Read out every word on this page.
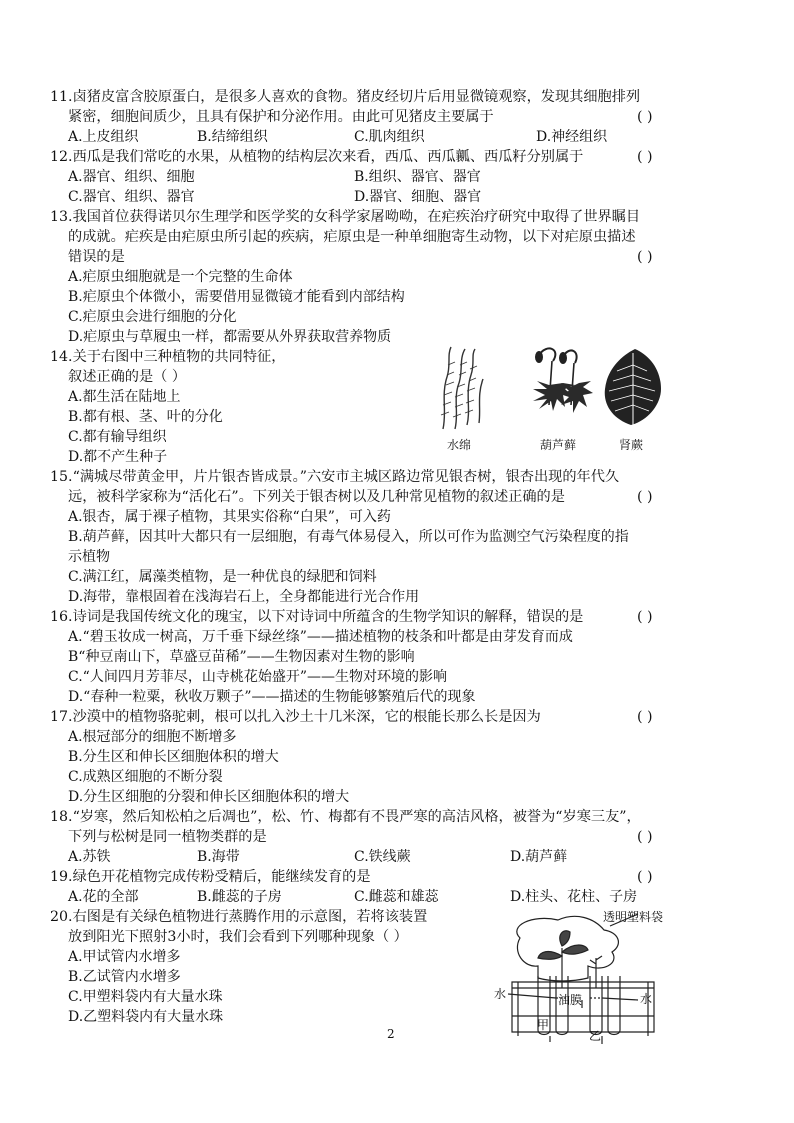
11.卤猪皮富含胶原蛋白，是很多人喜欢的食物。猪皮经切片后用显微镜观察，发现其细胞排列
紧密，细胞间质少，且具有保护和分泌作用。由此可见猪皮主要属于	( )
A.上皮组织	B.结缔组织	C.肌肉组织	D.神经组织
12.西瓜是我们常吃的水果，从植物的结构层次来看，西瓜、西瓜瓤、西瓜籽分别属于	( )
A.器官、组织、细胞	B.组织、器官、器官
C.器官、组织、器官	D.器官、细胞、器官
13.我国首位获得诺贝尔生理学和医学奖的女科学家屠呦呦，在疟疾治疗研究中取得了世界瞩目
的成就。疟疾是由疟原虫所引起的疾病，疟原虫是一种单细胞寄生动物，以下对疟原虫描述
错误的是	( )
A.疟原虫细胞就是一个完整的生命体
B.疟原虫个体微小，需要借用显微镜才能看到内部结构
C.疟原虫会进行细胞的分化
D.疟原虫与草履虫一样，都需要从外界获取营养物质
14.关于右图中三种植物的共同特征，
叙述正确的是（ ）
A.都生活在陆地上
B.都有根、茎、叶的分化
C.都有输导组织
D.都不产生种子
水绵	葫芦藓	肾蕨
15.“满城尽带黄金甲，片片银杏皆成景。”六安市主城区路边常见银杏树，银杏出现的年代久
远，被科学家称为“活化石”。下列关于银杏树以及几种常见植物的叙述正确的是	( )
A.银杏，属于裸子植物，其果实俗称“白果”，可入药
B.葫芦藓，因其叶大都只有一层细胞，有毒气体易侵入，所以可作为监测空气污染程度的指
示植物
C.满江红，属藻类植物，是一种优良的绿肥和饲料
D.海带，靠根固着在浅海岩石上，全身都能进行光合作用
16.诗词是我国传统文化的瑰宝，以下对诗词中所蕴含的生物学知识的解释，错误的是	( )
A.“碧玉妆成一树高，万千垂下绿丝绦”——描述植物的枝条和叶都是由芽发育而成
B“种豆南山下，草盛豆苗稀”——生物因素对生物的影响
C.“人间四月芳菲尽，山寺桃花始盛开”——生物对环境的影响
D.“春种一粒粟，秋收万颗子”——描述的生物能够繁殖后代的现象
17.沙漠中的植物骆驼刺，根可以扎入沙土十几米深，它的根能长那么长是因为	( )
A.根冠部分的细胞不断增多
B.分生区和伸长区细胞体积的增大
C.成熟区细胞的不断分裂
D.分生区细胞的分裂和伸长区细胞体积的增大
18.“岁寒，然后知松柏之后凋也”，松、竹、梅都有不畏严寒的高洁风格，被誉为“岁寒三友”，
下列与松树是同一植物类群的是	( )
A.苏铁	B.海带	C.铁线蕨	D.葫芦藓
19.绿色开花植物完成传粉受精后，能继续发育的是	( )
A.花的全部	B.雌蕊的子房	C.雌蕊和雄蕊	D.柱头、花柱、子房
20.右图是有关绿色植物进行蒸腾作用的示意图，若将该装置
放到阳光下照射3小时，我们会看到下列哪种现象（ ）
A.甲试管内水增多
B.乙试管内水增多
C.甲塑料袋内有大量水珠
D.乙塑料袋内有大量水珠
透明塑料袋
水	油膜	水
甲
乙
2
